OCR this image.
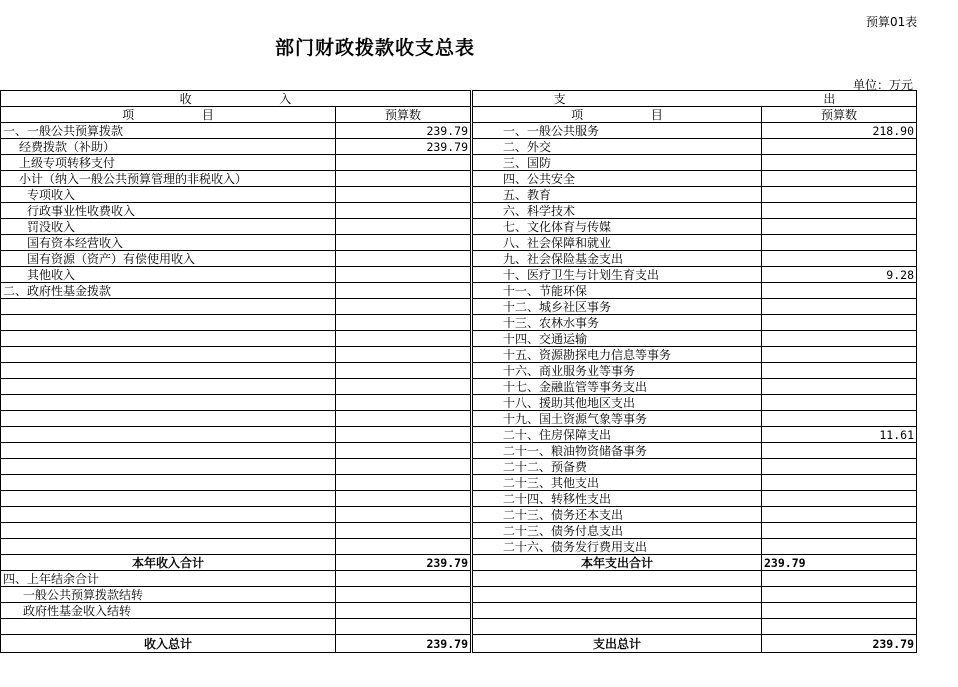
预算01表
部门财政拨款收支总表
单位：万元
收 入			支 出	
项 目	预算数		项 目	预算数
一、一般公共预算拨款	239.79		一、一般公共服务	218.90
经费拨款（补助）	239.79		二、外交	
上级专项转移支付			三、国防	
小计（纳入一般公共预算管理的非税收入）			四、公共安全	
专项收入			五、教育	
行政事业性收费收入			六、科学技术	
罚没收入			七、文化体育与传媒	
国有资本经营收入			八、社会保障和就业	
国有资源（资产）有偿使用收入			九、社会保险基金支出	
其他收入			十、医疗卫生与计划生育支出	9.28
二、政府性基金拨款			十一、节能环保	
			十二、城乡社区事务	
			十三、农林水事务	
			十四、交通运输	
			十五、资源勘探电力信息等事务	
			十六、商业服务业等事务	
			十七、金融监管等事务支出	
			十八、援助其他地区支出	
			十九、国土资源气象等事务	
			二十、住房保障支出	11.61
			二十一、粮油物资储备事务	
			二十二、预备费	
			二十三、其他支出	
			二十四、转移性支出	
			二十三、债务还本支出	
			二十三、债务付息支出	
			二十六、债务发行费用支出	
本年收入合计	239.79		本年支出合计	239.79
四、上年结余合计				
一般公共预算拨款结转				
政府性基金收入结转				

收入总计	239.79		支出总计	239.79
